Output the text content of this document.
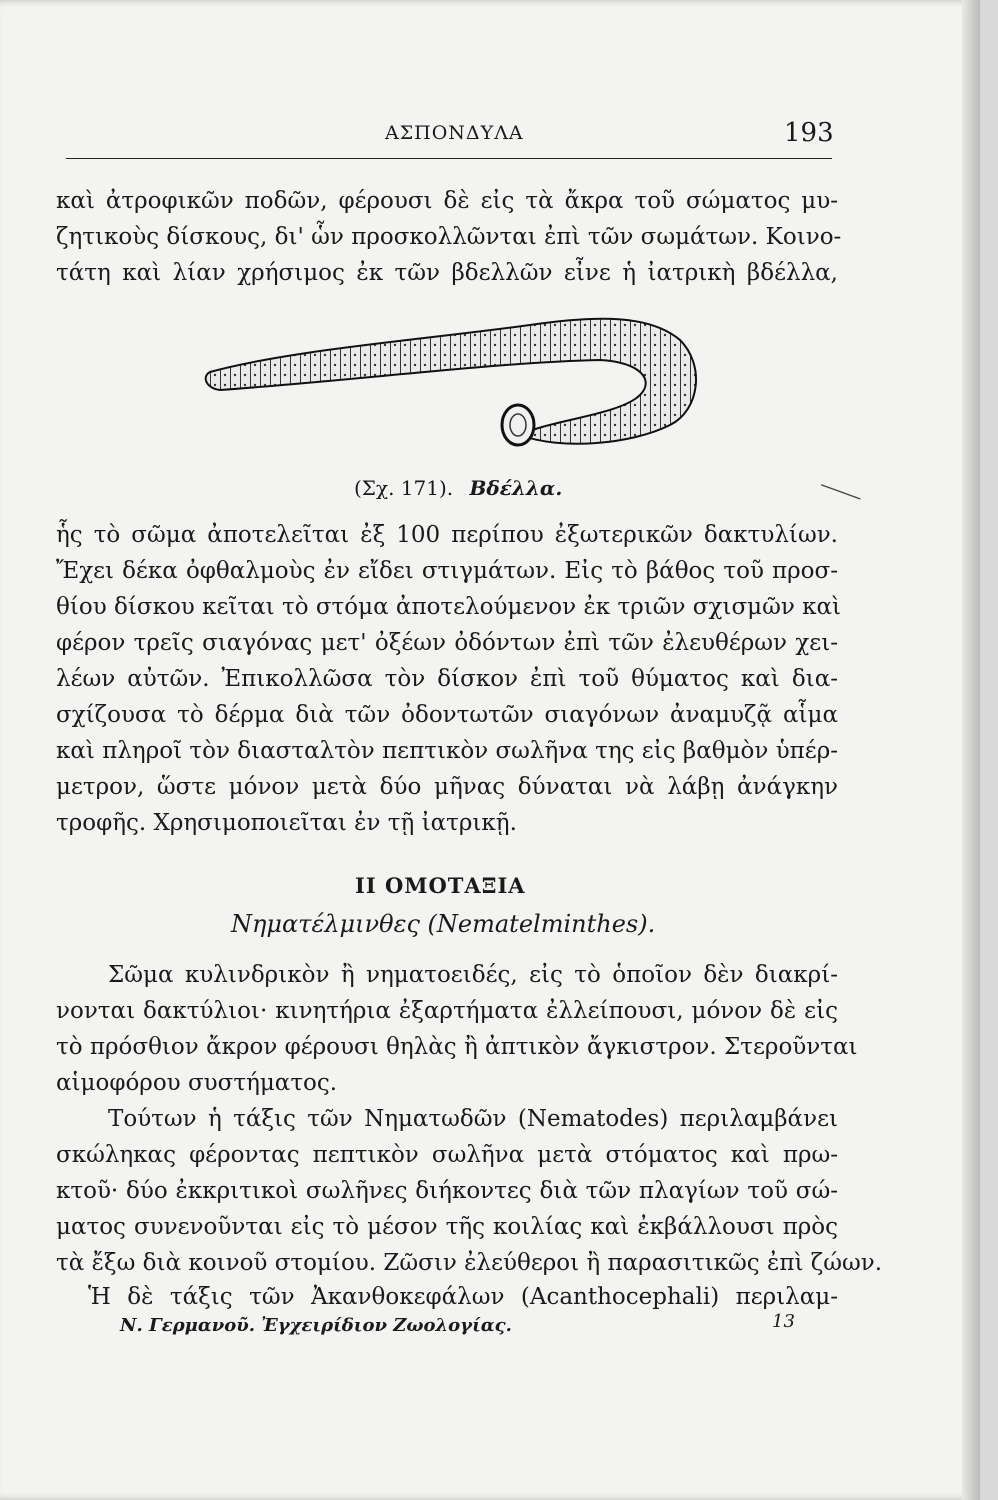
ΑΣΠΟΝΔΥΛΑ	193
καὶ ἀτροφικῶν ποδῶν, φέρουσι δὲ εἰς τὰ ἄκρα τοῦ σώματος μυ-
ζητικοὺς δίσκους, δι' ὧν προσκολλῶνται ἐπὶ τῶν σωμάτων. Κοινο-
τάτη καὶ λίαν χρήσιμος ἐκ τῶν βδελλῶν εἶνε ἡ ἰατρικὴ βδέλλα,
(Σχ. 171). Βδέλλα.	⸺
ἧς τὸ σῶμα ἀποτελεῖται ἐξ 100 περίπου ἐξωτερικῶν δακτυλίων.
Ἔχει δέκα ὀφθαλμοὺς ἐν εἴδει στιγμάτων. Εἰς τὸ βάθος τοῦ προσ-
θίου δίσκου κεῖται τὸ στόμα ἀποτελούμενον ἐκ τριῶν σχισμῶν καὶ
φέρον τρεῖς σιαγόνας μετ' ὀξέων ὀδόντων ἐπὶ τῶν ἐλευθέρων χει-
λέων αὐτῶν. Ἐπικολλῶσα τὸν δίσκον ἐπὶ τοῦ θύματος καὶ δια-
σχίζουσα τὸ δέρμα διὰ τῶν ὀδοντωτῶν σιαγόνων ἀναμυζᾷ αἷμα
καὶ πληροῖ τὸν διασταλτὸν πεπτικὸν σωλῆνα της εἰς βαθμὸν ὑπέρ-
μετρον, ὥστε μόνον μετὰ δύο μῆνας δύναται νὰ λάβῃ ἀνάγκην
τροφῆς. Χρησιμοποιεῖται ἐν τῇ ἰατρικῇ.
ΙΙ ΟΜΟΤΑΞΙΑ
Νηματέλμινθες (Nematelminthes).
Σῶμα κυλινδρικὸν ἢ νηματοειδές, εἰς τὸ ὁποῖον δὲν διακρί-
νονται δακτύλιοι· κινητήρια ἐξαρτήματα ἐλλείπουσι, μόνον δὲ εἰς
τὸ πρόσθιον ἄκρον φέρουσι θηλὰς ἢ ἀπτικὸν ἄγκιστρον. Στεροῦνται
αἱμοφόρου συστήματος.
Τούτων ἡ τάξις τῶν Νηματωδῶν (Nematodes) περιλαμβάνει
σκώληκας φέροντας πεπτικὸν σωλῆνα μετὰ στόματος καὶ πρω-
κτοῦ· δύο ἐκκριτικοὶ σωλῆνες διήκοντες διὰ τῶν πλαγίων τοῦ σώ-
ματος συνενοῦνται εἰς τὸ μέσον τῆς κοιλίας καὶ ἐκβάλλουσι πρὸς
τὰ ἔξω διὰ κοινοῦ στομίου. Ζῶσιν ἐλεύθεροι ἢ παρασιτικῶς ἐπὶ ζώων.
Ἡ δὲ τάξις τῶν Ἀκανθοκεφάλων (Acanthocephali) περιλαμ-
Ν. Γερμανοῦ. Ἐγχειρίδιον Ζωολογίας.	13
